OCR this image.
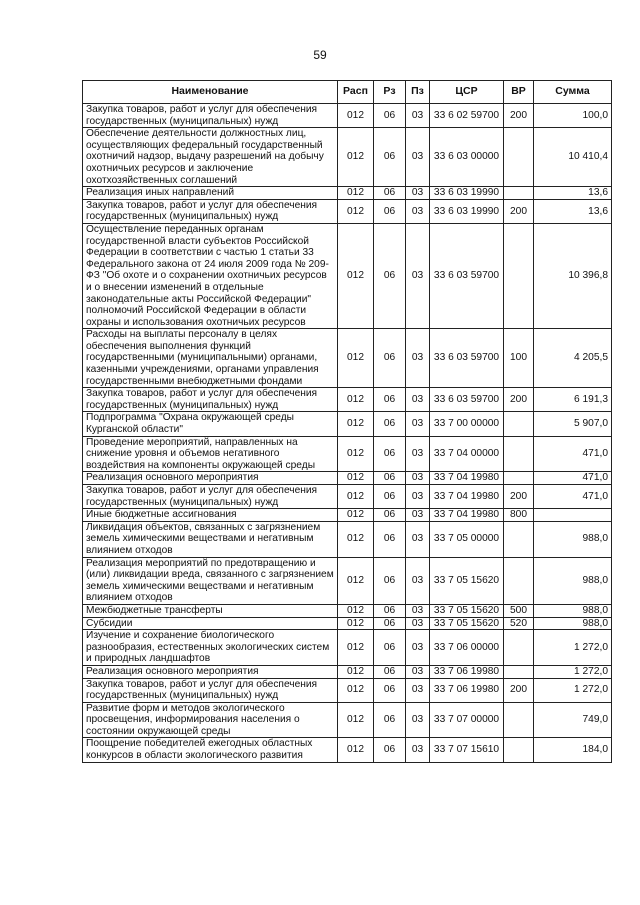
59
Наименование	Расп	Рз	Пз	ЦСР	ВР	Сумма
Закупка товаров, работ и услуг для обеспечения государственных (муниципальных) нужд	012	06	03	33 6 02 59700	200	100,0
Обеспечение деятельности должностных лиц, осуществляющих федеральный государственный охотничий надзор, выдачу разрешений на добычу охотничьих ресурсов и заключение охотхозяйственных соглашений	012	06	03	33 6 03 00000		10 410,4
Реализация иных направлений	012	06	03	33 6 03 19990		13,6
Закупка товаров, работ и услуг для обеспечения государственных (муниципальных) нужд	012	06	03	33 6 03 19990	200	13,6
Осуществление переданных органам государственной власти субъектов Российской Федерации в соответствии с частью 1 статьи 33 Федерального закона от 24 июля 2009 года № 209-ФЗ "Об охоте и о сохранении охотничьих ресурсов и о внесении изменений в отдельные законодательные акты Российской Федерации" полномочий Российской Федерации в области охраны и использования охотничьих ресурсов	012	06	03	33 6 03 59700		10 396,8
Расходы на выплаты персоналу в целях обеспечения выполнения функций государственными (муниципальными) органами, казенными учреждениями, органами управления государственными внебюджетными фондами	012	06	03	33 6 03 59700	100	4 205,5
Закупка товаров, работ и услуг для обеспечения государственных (муниципальных) нужд	012	06	03	33 6 03 59700	200	6 191,3
Подпрограмма "Охрана окружающей среды Курганской области"	012	06	03	33 7 00 00000		5 907,0
Проведение мероприятий, направленных на снижение уровня и объемов негативного воздействия на компоненты окружающей среды	012	06	03	33 7 04 00000		471,0
Реализация основного мероприятия	012	06	03	33 7 04 19980		471,0
Закупка товаров, работ и услуг для обеспечения государственных (муниципальных) нужд	012	06	03	33 7 04 19980	200	471,0
Иные бюджетные ассигнования	012	06	03	33 7 04 19980	800	
Ликвидация объектов, связанных с загрязнением земель химическими веществами и негативным влиянием отходов	012	06	03	33 7 05 00000		988,0
Реализация мероприятий по предотвращению и (или) ликвидации вреда, связанного с загрязнением земель химическими веществами и негативным влиянием отходов	012	06	03	33 7 05 15620		988,0
Межбюджетные трансферты	012	06	03	33 7 05 15620	500	988,0
Субсидии	012	06	03	33 7 05 15620	520	988,0
Изучение и сохранение биологического разнообразия, естественных экологических систем и природных ландшафтов	012	06	03	33 7 06 00000		1 272,0
Реализация основного мероприятия	012	06	03	33 7 06 19980		1 272,0
Закупка товаров, работ и услуг для обеспечения государственных (муниципальных) нужд	012	06	03	33 7 06 19980	200	1 272,0
Развитие форм и методов экологического просвещения, информирования населения о состоянии окружающей среды	012	06	03	33 7 07 00000		749,0
Поощрение победителей ежегодных областных конкурсов в области экологического развития	012	06	03	33 7 07 15610		184,0
